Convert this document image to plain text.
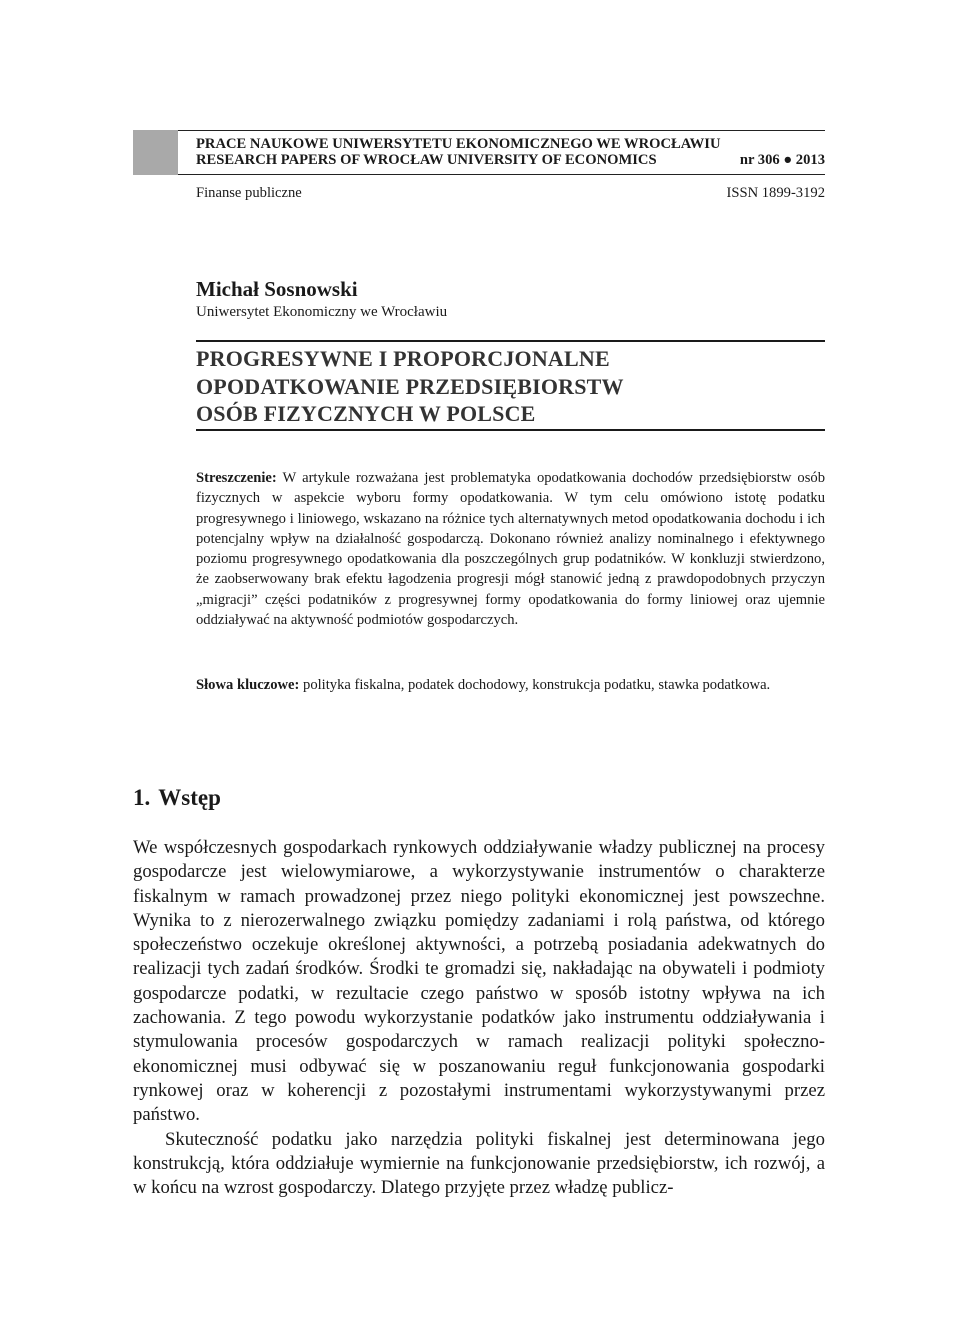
PRACE NAUKOWE UNIWERSYTETU EKONOMICZNEGO WE WROCŁAWIU
RESEARCH PAPERS OF WROCŁAW UNIVERSITY OF ECONOMICS	nr 306 ● 2013
Finanse publiczne	ISSN 1899-3192
Michał Sosnowski
Uniwersytet Ekonomiczny we Wrocławiu
PROGRESYWNE I PROPORCJONALNE
OPODATKOWANIE PRZEDSIĘBIORSTW
OSÓB FIZYCZNYCH W POLSCE

Streszczenie: W artykule rozważana jest problematyka opodatkowania dochodów przedsiębiorstw osób fizycznych w aspekcie wyboru formy opodatkowania. W tym celu omówiono istotę podatku progresywnego i liniowego, wskazano na różnice tych alternatywnych metod opodatkowania dochodu i ich potencjalny wpływ na działalność gospodarczą. Dokonano również analizy nominalnego i efektywnego poziomu progresywnego opodatkowania dla poszczególnych grup podatników. W konkluzji stwierdzono, że zaobserwowany brak efektu łagodzenia progresji mógł stanowić jedną z prawdopodobnych przyczyn „migracji” części podatników z progresywnej formy opodatkowania do formy liniowej oraz ujemnie oddziaływać na aktywność podmiotów gospodarczych.

Słowa kluczowe: polityka fiskalna, podatek dochodowy, konstrukcja podatku, stawka podatkowa.
1. Wstęp

We współczesnych gospodarkach rynkowych oddziaływanie władzy publicznej na procesy gospodarcze jest wielowymiarowe, a wykorzystywanie instrumentów o charakterze fiskalnym w ramach prowadzonej przez niego polityki ekonomicznej jest powszechne. Wynika to z nierozerwalnego związku pomiędzy zadaniami i rolą państwa, od którego społeczeństwo oczekuje określonej aktywności, a potrzebą posiadania adekwatnych do realizacji tych zadań środków. Środki te gromadzi się, nakładając na obywateli i podmioty gospodarcze podatki, w rezultacie czego państwo w sposób istotny wpływa na ich zachowania. Z tego powodu wykorzystanie podatków jako instrumentu oddziaływania i stymulowania procesów gospodarczych w ramach realizacji polityki społeczno-ekonomicznej musi odbywać się w poszanowaniu reguł funkcjonowania gospodarki rynkowej oraz w koherencji z pozostałymi instrumentami wykorzystywanymi przez państwo.

Skuteczność podatku jako narzędzia polityki fiskalnej jest determinowana jego konstrukcją, która oddziałuje wymiernie na funkcjonowanie przedsiębiorstw, ich rozwój, a w końcu na wzrost gospodarczy. Dlatego przyjęte przez władzę publicz-
